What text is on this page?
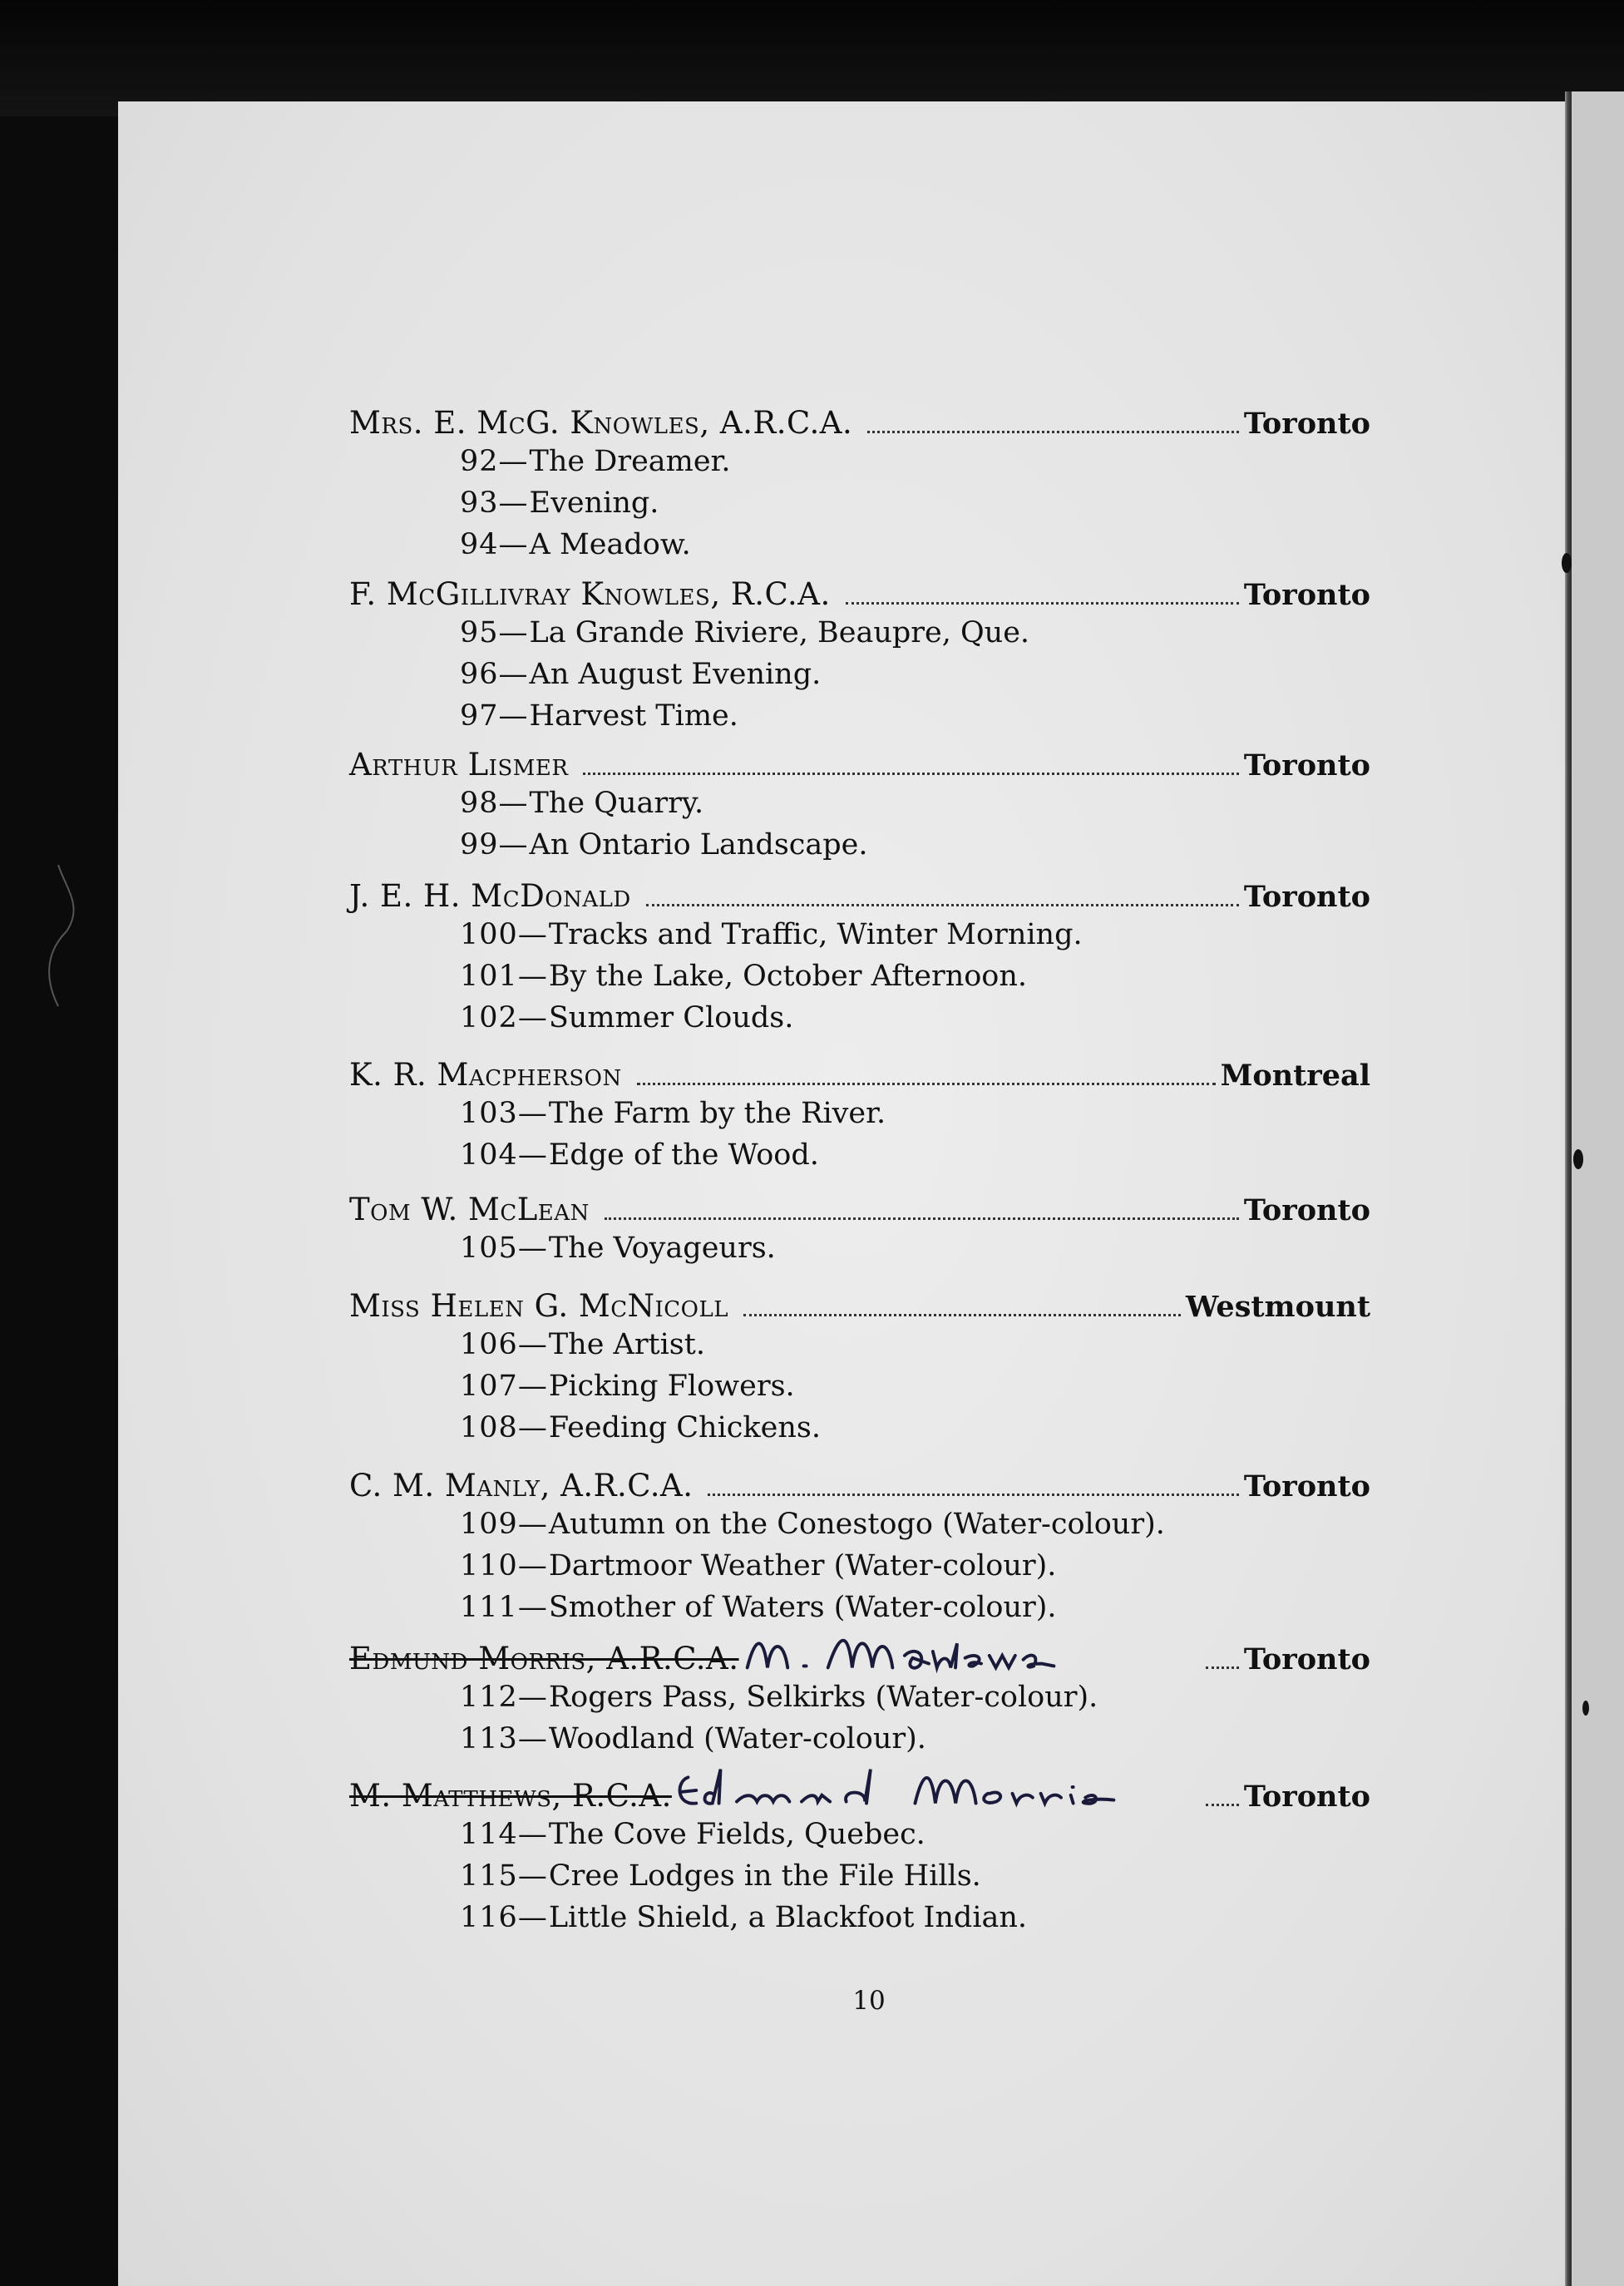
Mrs. E. McG. Knowles, A.R.C.A.	Toronto
92—The Dreamer.
93—Evening.
94—A Meadow.
F. McGillivray Knowles, R.C.A.	Toronto
95—La Grande Riviere, Beaupre, Que.
96—An August Evening.
97—Harvest Time.
Arthur Lismer	Toronto
98—The Quarry.
99—An Ontario Landscape.
J. E. H. McDonald	Toronto
100—Tracks and Traffic, Winter Morning.
101—By the Lake, October Afternoon.
102—Summer Clouds.
K. R. Macpherson	Montreal
103—The Farm by the River.
104—Edge of the Wood.
Tom W. McLean	Toronto
105—The Voyageurs.
Miss Helen G. McNicoll	Westmount
106—The Artist.
107—Picking Flowers.
108—Feeding Chickens.
C. M. Manly, A.R.C.A.	Toronto
109—Autumn on the Conestogo (Water-colour).
110—Dartmoor Weather (Water-colour).
111—Smother of Waters (Water-colour).
Edmund Morris, A.R.C.A.	Toronto
112—Rogers Pass, Selkirks (Water-colour).
113—Woodland (Water-colour).
M. Matthews, R.C.A.	Toronto
114—The Cove Fields, Quebec.
115—Cree Lodges in the File Hills.
116—Little Shield, a Blackfoot Indian.
10
